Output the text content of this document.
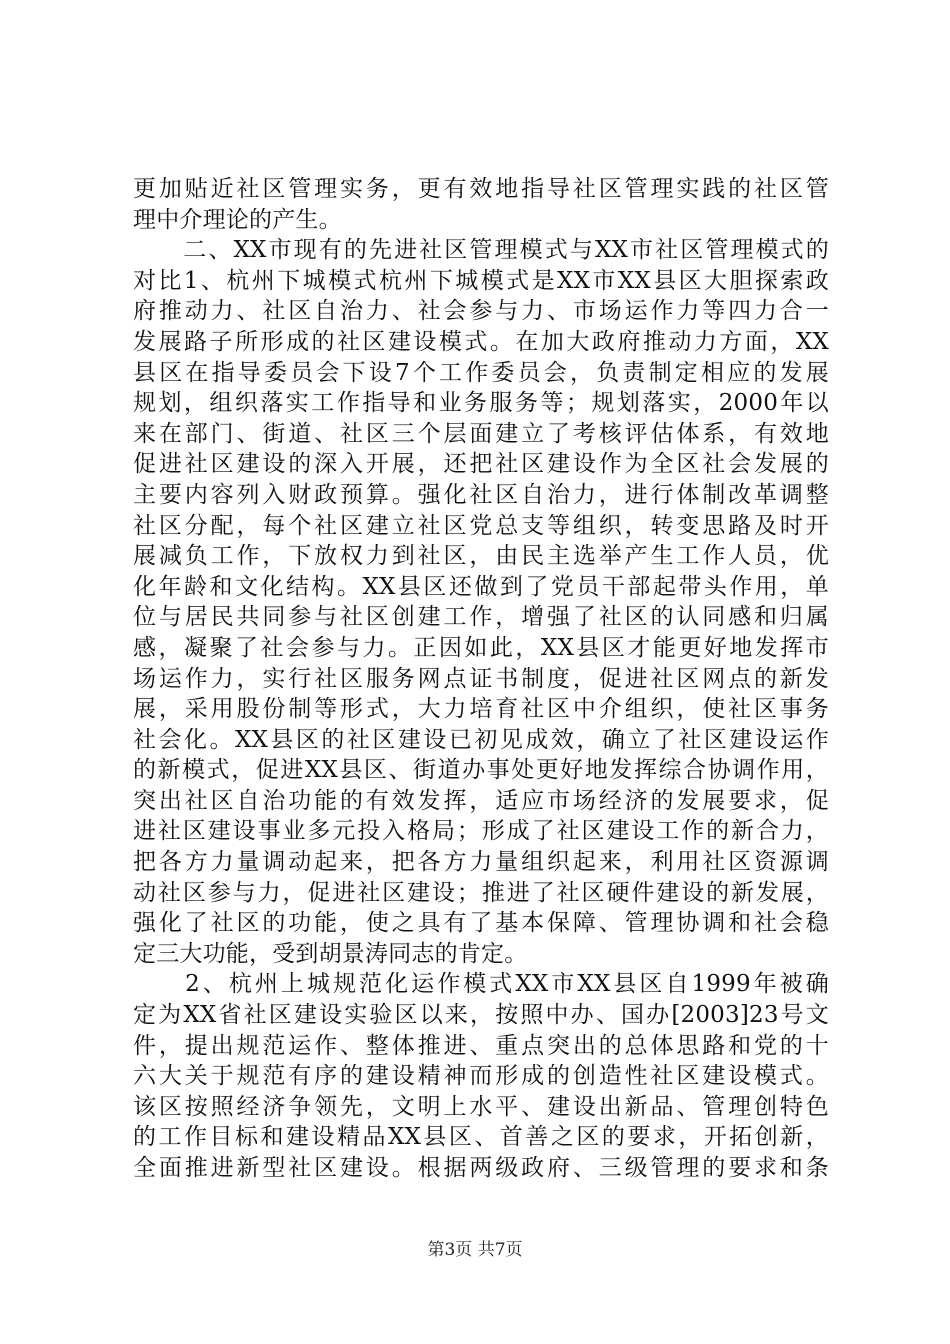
更加贴近社区管理实务，更有效地指导社区管理实践的社区管
理中介理论的产生。
　　二、XX市现有的先进社区管理模式与XX市社区管理模式的
对比1、杭州下城模式杭州下城模式是XX市XX县区大胆探索政
府推动力、社区自治力、社会参与力、市场运作力等四力合一
发展路子所形成的社区建设模式。在加大政府推动力方面，XX
县区在指导委员会下设7个工作委员会，负责制定相应的发展
规划，组织落实工作指导和业务服务等；规划落实，2000年以
来在部门、街道、社区三个层面建立了考核评估体系，有效地
促进社区建设的深入开展，还把社区建设作为全区社会发展的
主要内容列入财政预算。强化社区自治力，进行体制改革调整
社区分配，每个社区建立社区党总支等组织，转变思路及时开
展减负工作，下放权力到社区，由民主选举产生工作人员，优
化年龄和文化结构。XX县区还做到了党员干部起带头作用，单
位与居民共同参与社区创建工作，增强了社区的认同感和归属
感，凝聚了社会参与力。正因如此，XX县区才能更好地发挥市
场运作力，实行社区服务网点证书制度，促进社区网点的新发
展，采用股份制等形式，大力培育社区中介组织，使社区事务
社会化。XX县区的社区建设已初见成效，确立了社区建设运作
的新模式，促进XX县区、街道办事处更好地发挥综合协调作用，
突出社区自治功能的有效发挥，适应市场经济的发展要求，促
进社区建设事业多元投入格局；形成了社区建设工作的新合力，
把各方力量调动起来，把各方力量组织起来，利用社区资源调
动社区参与力，促进社区建设；推进了社区硬件建设的新发展，
强化了社区的功能，使之具有了基本保障、管理协调和社会稳
定三大功能，受到胡景涛同志的肯定。
　　2、杭州上城规范化运作模式XX市XX县区自1999年被确
定为XX省社区建设实验区以来，按照中办、国办[2003]23号文
件，提出规范运作、整体推进、重点突出的总体思路和党的十
六大关于规范有序的建设精神而形成的创造性社区建设模式。
该区按照经济争领先，文明上水平、建设出新品、管理创特色
的工作目标和建设精品XX县区、首善之区的要求，开拓创新，
全面推进新型社区建设。根据两级政府、三级管理的要求和条
第3页 共7页
